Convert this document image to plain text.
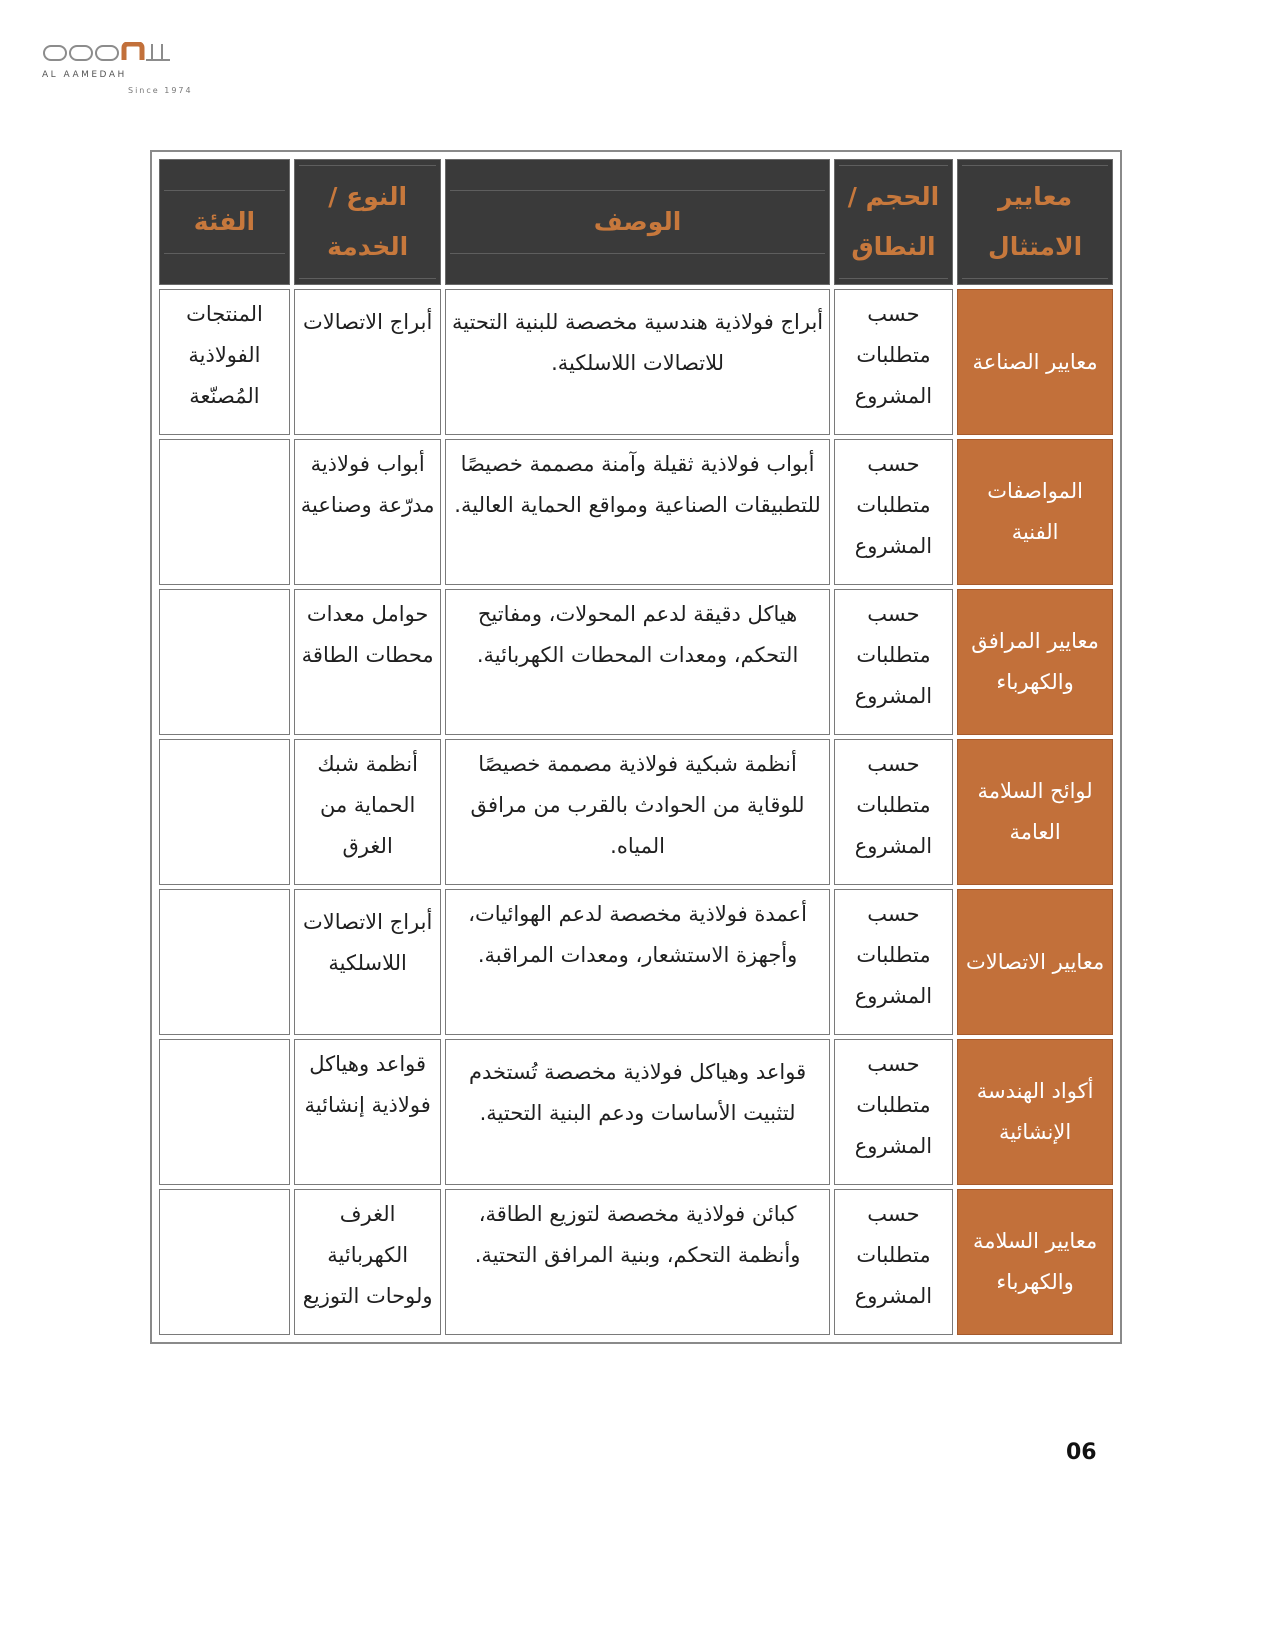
AL AAMEDAH
Since 1974
معايير الامتثال	الحجم / النطاق	الوصف	النوع / الخدمة	الفئة

معايير الصناعة	حسب متطلبات المشروع	أبراج فولاذية هندسية مخصصة للبنية التحتية للاتصالات اللاسلكية.	أبراج الاتصالات	المنتجات الفولاذية المُصنّعة
المواصفات الفنية	حسب متطلبات المشروع	أبواب فولاذية ثقيلة وآمنة مصممة خصيصًا للتطبيقات الصناعية ومواقع الحماية العالية.	أبواب فولاذية مدرّعة وصناعية	
معايير المرافق والكهرباء	حسب متطلبات المشروع	هياكل دقيقة لدعم المحولات، ومفاتيح التحكم، ومعدات المحطات الكهربائية.	حوامل معدات محطات الطاقة	
لوائح السلامة العامة	حسب متطلبات المشروع	أنظمة شبكية فولاذية مصممة خصيصًا للوقاية من الحوادث بالقرب من مرافق المياه.	أنظمة شبك الحماية من الغرق	
معايير الاتصالات	حسب متطلبات المشروع	أعمدة فولاذية مخصصة لدعم الهوائيات، وأجهزة الاستشعار، ومعدات المراقبة.	أبراج الاتصالات اللاسلكية	
أكواد الهندسة الإنشائية	حسب متطلبات المشروع	قواعد وهياكل فولاذية مخصصة تُستخدم لتثبيت الأساسات ودعم البنية التحتية.	قواعد وهياكل فولاذية إنشائية	
معايير السلامة والكهرباء	حسب متطلبات المشروع	كبائن فولاذية مخصصة لتوزيع الطاقة، وأنظمة التحكم، وبنية المرافق التحتية.	الغرف الكهربائية ولوحات التوزيع	
06
